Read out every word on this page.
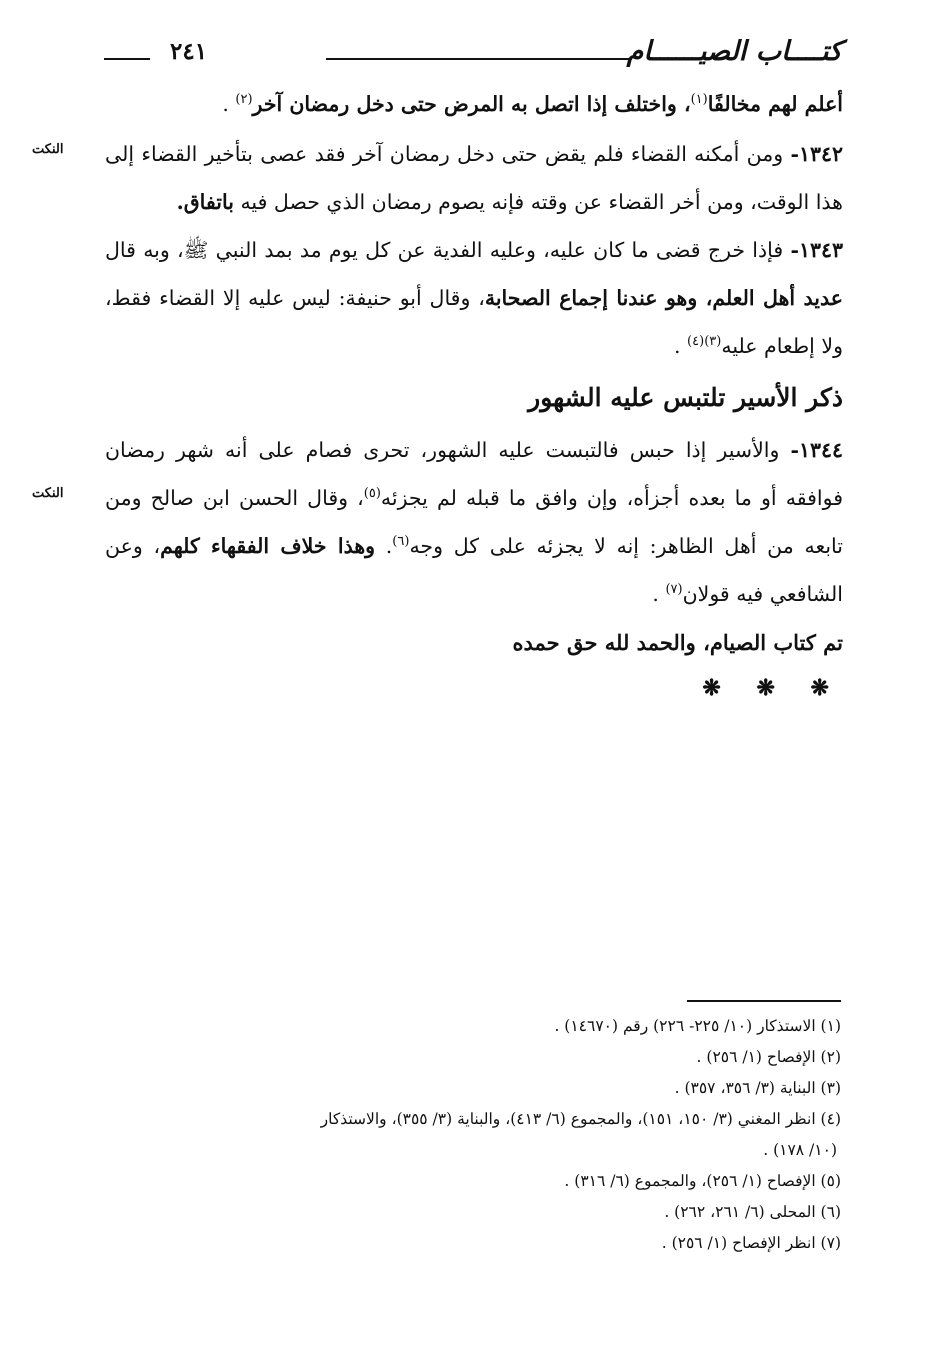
كتــــاب الصيــــــام
٢٤١
النكت
النكت

أعلم لهم مخالفًا$^{(١)}$، واختلف إذا اتصل به المرض حتى دخل رمضان آخر$^{(٢)}$ .

١٣٤٢- ومن أمكنه القضاء فلم يقض حتى دخل رمضان آخر فقد عصى بتأخير القضاء إلى هذا الوقت، ومن أخر القضاء عن وقته فإنه يصوم رمضان الذي حصل فيه باتفاق.

١٣٤٣- فإذا خرج قضى ما كان عليه، وعليه الفدية عن كل يوم مد بمد النبي ﷺ، وبه قال عديد أهل العلم، وهو عندنا إجماع الصحابة، وقال أبو حنيفة: ليس عليه إلا القضاء فقط، ولا إطعام عليه$^{(٣)(٤)}$ .

ذكر الأسير تلتبس عليه الشهور

١٣٤٤- والأسير إذا حبس فالتبست عليه الشهور، تحرى فصام على أنه شهر رمضان فوافقه أو ما بعده أجزأه، وإن وافق ما قبله لم يجزئه$^{(٥)}$، وقال الحسن ابن صالح ومن تابعه من أهل الظاهر: إنه لا يجزئه على كل وجه$^{(٦)}$. وهذا خلاف الفقهاء كلهم، وعن الشافعي فيه قولان$^{(٧)}$ .

تم كتاب الصيام، والحمد لله حق حمده

❋ ❋ ❋

(١) الاستذكار (١٠/ ٢٢٥- ٢٢٦) رقم (١٤٦٧٠) .

(٢) الإفصاح (١/ ٢٥٦) .

(٣) البناية (٣/ ٣٥٦، ٣٥٧) .

(٤) انظر المغني (٣/ ١٥٠، ١٥١)، والمجموع (٦/ ٤١٣)، والبناية (٣/ ٣٥٥)، والاستذكار

(١٠/ ١٧٨) .

(٥) الإفصاح (١/ ٢٥٦)، والمجموع (٦/ ٣١٦) .

(٦) المحلى (٦/ ٢٦١، ٢٦٢) .

(٧) انظر الإفصاح (١/ ٢٥٦) .
